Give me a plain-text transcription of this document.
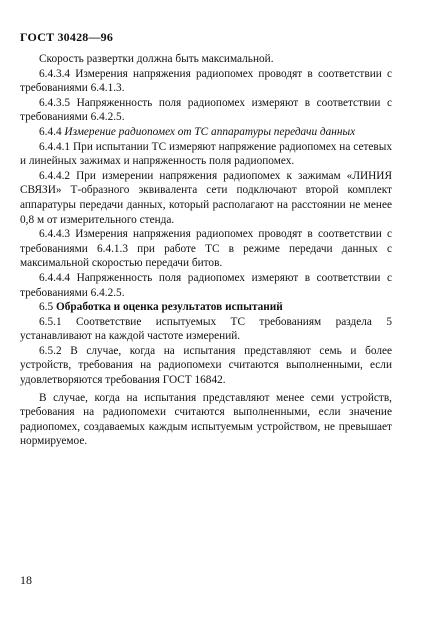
ГОСТ 30428—96

Скорость развертки должна быть максимальной.

6.4.3.4 Измерения напряжения радиопомех проводят в соответствии с требованиями 6.4.1.3.

6.4.3.5 Напряженность поля радиопомех измеряют в соответствии с требованиями 6.4.2.5.

6.4.4 Измерение радиопомех от ТС аппаратуры передачи данных

6.4.4.1 При испытании ТС измеряют напряжение радиопомех на сетевых и линейных зажимах и напряженность поля радиопомех.

6.4.4.2 При измерении напряжения радиопомех к зажимам «ЛИНИЯ СВЯЗИ» Т-образного эквивалента сети подключают второй комплект аппаратуры передачи данных, который располагают на расстоянии не менее 0,8 м от измерительного стенда.

6.4.4.3 Измерения напряжения радиопомех проводят в соответствии с требованиями 6.4.1.3 при работе ТС в режиме передачи данных с максимальной скоростью передачи битов.

6.4.4.4 Напряженность поля радиопомех измеряют в соответствии с требованиями 6.4.2.5.

6.5 Обработка и оценка результатов испытаний

6.5.1 Соответствие испытуемых ТС требованиям раздела 5 устанавливают на каждой частоте измерений.

6.5.2 В случае, когда на испытания представляют семь и более устройств, требования на радиопомехи считаются выполненными, если удовлетворяются требования ГОСТ 16842.

В случае, когда на испытания представляют менее семи устройств, требования на радиопомехи считаются выполненными, если значение радиопомех, создаваемых каждым испытуемым устройством, не превышает нормируемое.

18
